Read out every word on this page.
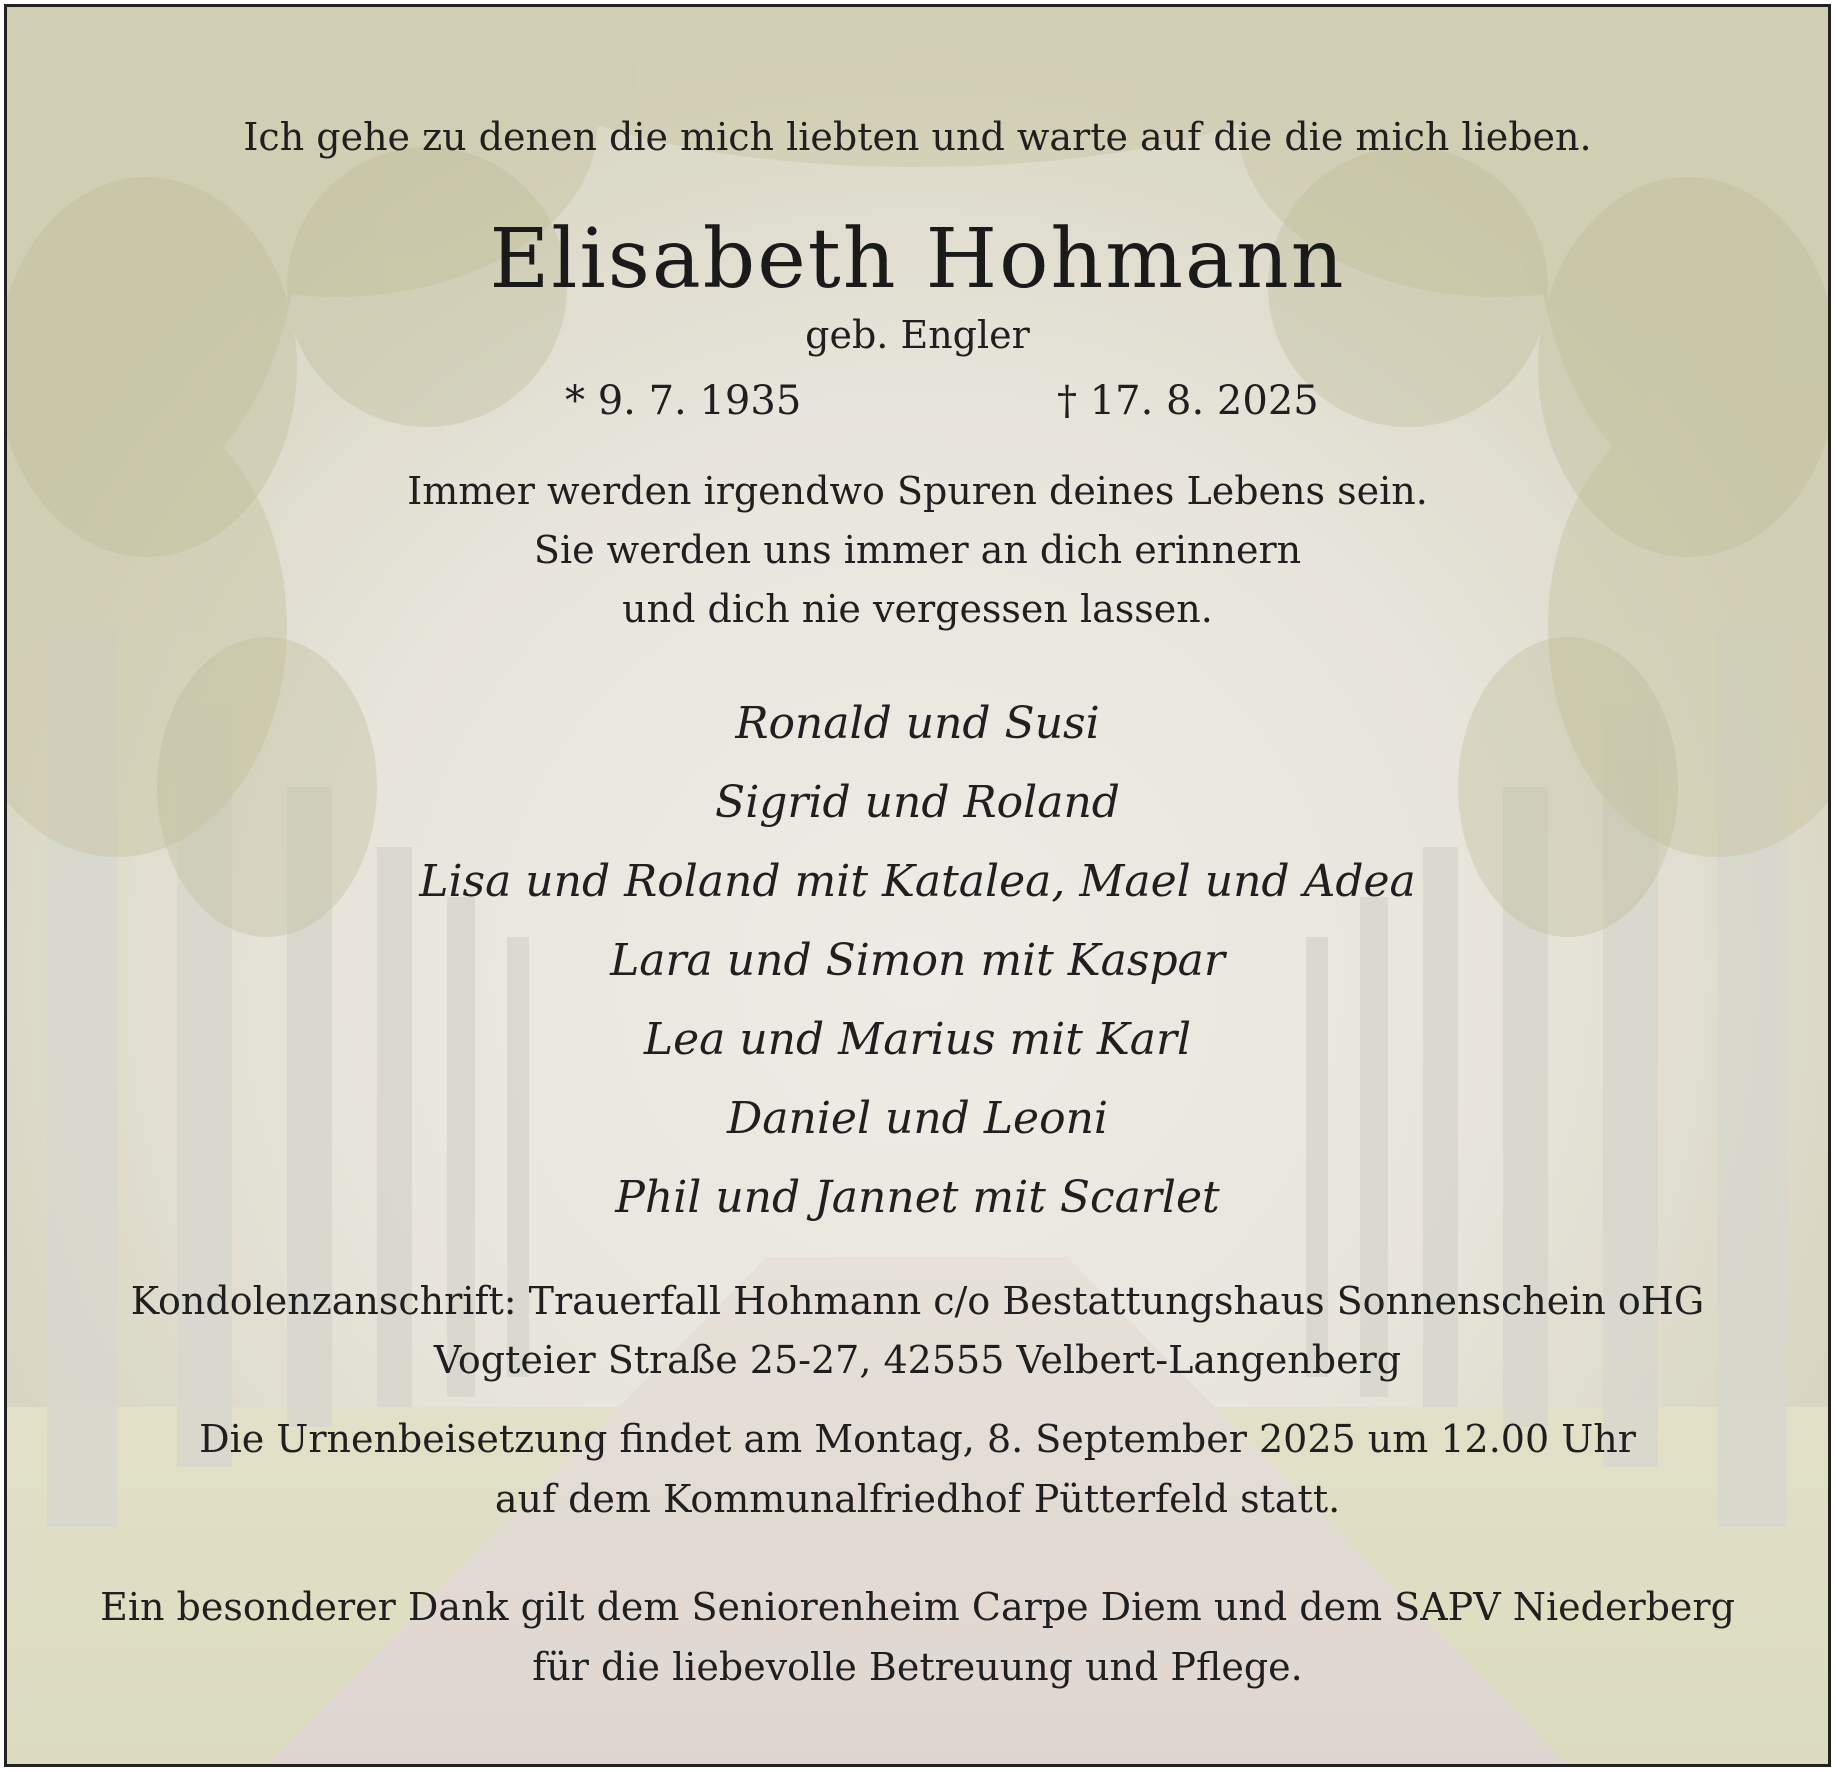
Ich gehe zu denen die mich liebten und warte auf die die mich lieben.
Elisabeth Hohmann
geb. Engler
* 9. 7. 1935	† 17. 8. 2025
Immer werden irgendwo Spuren deines Lebens sein.
Sie werden uns immer an dich erinnern
und dich nie vergessen lassen.
Ronald und Susi
Sigrid und Roland
Lisa und Roland mit Katalea, Mael und Adea
Lara und Simon mit Kaspar
Lea und Marius mit Karl
Daniel und Leoni
Phil und Jannet mit Scarlet
Kondolenzanschrift: Trauerfall Hohmann c/o Bestattungshaus Sonnenschein oHG
Vogteier Straße 25-27, 42555 Velbert-Langenberg
Die Urnenbeisetzung findet am Montag, 8. September 2025 um 12.00 Uhr
auf dem Kommunalfriedhof Pütterfeld statt.
Ein besonderer Dank gilt dem Seniorenheim Carpe Diem und dem SAPV Niederberg
für die liebevolle Betreuung und Pflege.
